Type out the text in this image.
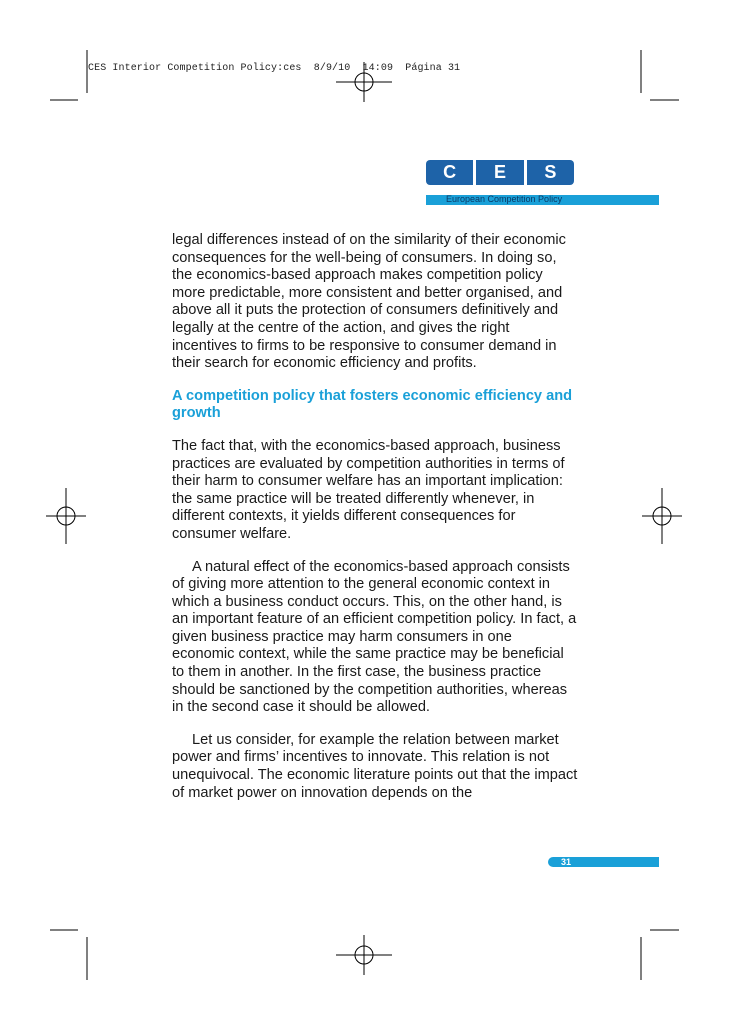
CES Interior Competition Policy:ces  8/9/10  14:09  Página 31
C	E	S
European Competition Policy

legal differences instead of on the similarity of their economic consequences for the well-being of consumers. In doing so, the economics-based approach makes competition policy more predictable, more consistent and better organised, and above all it puts the protection of consumers definitively and legally at the centre of the action, and gives the right incentives to firms to be responsive to consumer demand in their search for economic efficiency and profits.

A competition policy that fosters economic efficiency and growth

The fact that, with the economics-based approach, business practices are evaluated by competition authorities in terms of their harm to consumer welfare has an important implication: the same practice will be treated differently whenever, in different contexts, it yields different consequences for consumer welfare.

A natural effect of the economics-based approach consists of giving more attention to the general economic context in which a business conduct occurs. This, on the other hand, is an important feature of an efficient competition policy. In fact, a given business practice may harm consumers in one economic context, while the same practice may be beneficial to them in another. In the first case, the business practice should be sanctioned by the competition authorities, whereas in the second case it should be allowed.

Let us consider, for example the relation between market power and firms’ incentives to innovate. This relation is not unequivocal. The economic literature points out that the impact of market power on innovation depends on the

31
